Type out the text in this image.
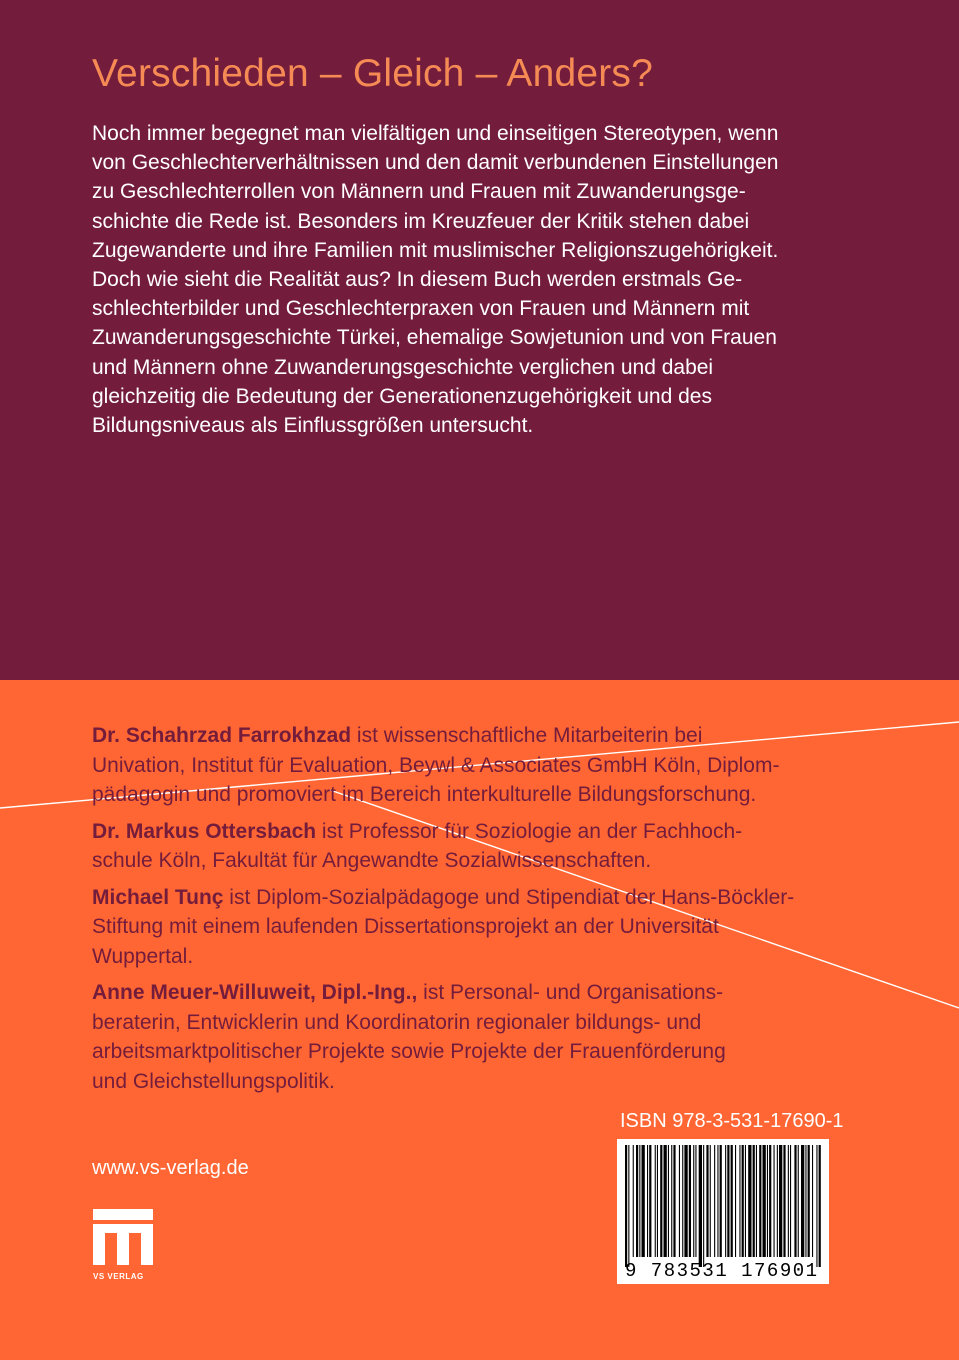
Verschieden – Gleich – Anders?
Noch immer begegnet man vielfältigen und einseitigen Stereotypen, wenn
von Geschlechterverhältnissen und den damit verbundenen Einstellungen
zu Geschlechterrollen von Männern und Frauen mit Zuwanderungsge-
schichte die Rede ist. Besonders im Kreuzfeuer der Kritik stehen dabei
Zugewanderte und ihre Familien mit muslimischer Religionszugehörigkeit.
Doch wie sieht die Realität aus? In diesem Buch werden erstmals Ge-
schlechterbilder und Geschlechterpraxen von Frauen und Männern mit
Zuwanderungsgeschichte Türkei, ehemalige Sowjetunion und von Frauen
und Männern ohne Zuwanderungsgeschichte verglichen und dabei
gleichzeitig die Bedeutung der Generationenzugehörigkeit und des
Bildungsniveaus als Einflussgrößen untersucht.
Dr. Schahrzad Farrokhzad ist wissenschaftliche Mitarbeiterin bei
Univation, Institut für Evaluation, Beywl & Associates GmbH Köln, Diplom-
pädagogin und promoviert im Bereich interkulturelle Bildungsforschung.
Dr. Markus Ottersbach ist Professor für Soziologie an der Fachhoch-
schule Köln, Fakultät für Angewandte Sozialwissenschaften.
Michael Tunç ist Diplom-Sozialpädagoge und Stipendiat der Hans-Böckler-
Stiftung mit einem laufenden Dissertationsprojekt an der Universität
Wuppertal.
Anne Meuer-Willuweit, Dipl.-Ing., ist Personal- und Organisations-
beraterin, Entwicklerin und Koordinatorin regionaler bildungs- und
arbeitsmarktpolitischer Projekte sowie Projekte der Frauenförderung
und Gleichstellungspolitik.
www.vs-verlag.de
VS VERLAG
ISBN 978-3-531-17690-1
9 783531 176901
